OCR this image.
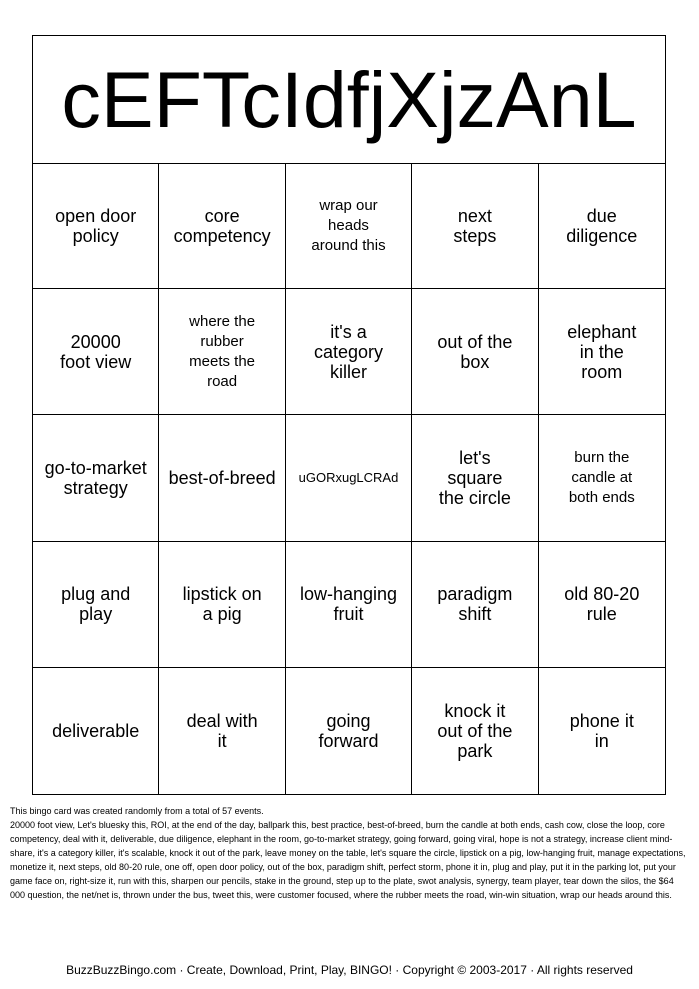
cEFTcIdfjXjzAnL
open door policy
core competency
wrap our heads around this
next steps
due diligence
20000 foot view
where the rubber meets the road
it's a category killer
out of the box
elephant in the room
go-to-market strategy	best-of-breed	uGORxugLCRAd
let's square the circle
burn the candle at both ends
plug and play
lipstick on a pig
low-hanging fruit
paradigm shift
old 80-20 rule
deliverable	deal with it
going forward
knock it out of the park
phone it in

This bingo card was created randomly from a total of 57 events.

20000 foot view, Let's bluesky this, ROI, at the end of the day, ballpark this, best practice, best-of-breed, burn the candle at both ends, cash cow, close the loop, core competency, deal with it, deliverable, due diligence, elephant in the room, go-to-market strategy, going forward, going viral, hope is not a strategy, increase client mind-share, it's a category killer, it's scalable, knock it out of the park, leave money on the table, let's square the circle, lipstick on a pig, low-hanging fruit, manage expectations, monetize it, next steps, old 80-20 rule, one off, open door policy, out of the box, paradigm shift, perfect storm, phone it in, plug and play, put it in the parking lot, put your game face on, right-size it, run with this, sharpen our pencils, stake in the ground, step up to the plate, swot analysis, synergy, team player, tear down the silos, the $64 000 question, the net/net is, thrown under the bus, tweet this, were customer focused, where the rubber meets the road, win-win situation, wrap our heads around this.

BuzzBuzzBingo.com · Create, Download, Print, Play, BINGO! · Copyright © 2003-2017 · All rights reserved
